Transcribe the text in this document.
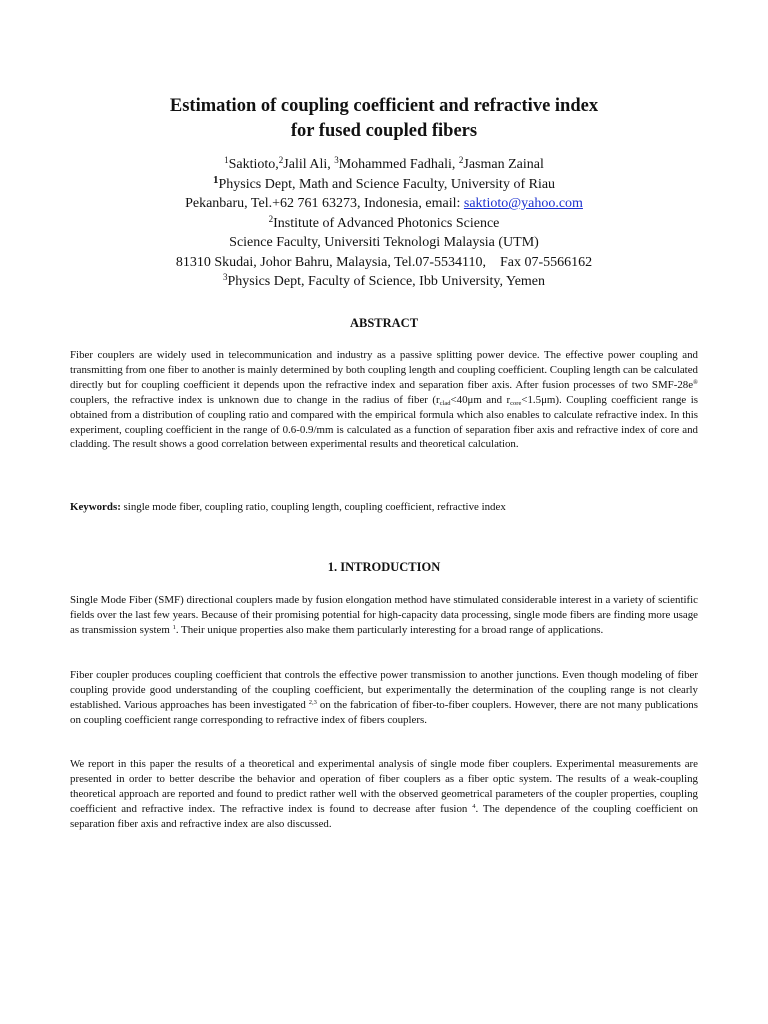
Estimation of coupling coefficient and refractive index
for fused coupled fibers
$^1$Saktioto,$^2$Jalil Ali, $^3$Mohammed Fadhali, $^2$Jasman Zainal
$^1$Physics Dept, Math and Science Faculty, University of Riau
Pekanbaru, Tel.+62 761 63273, Indonesia, email: saktioto@yahoo.com
$^2$Institute of Advanced Photonics Science
Science Faculty, Universiti Teknologi Malaysia (UTM)
81310 Skudai, Johor Bahru, Malaysia, Tel.07-5534110,    Fax 07-5566162
$^3$Physics Dept, Faculty of Science, Ibb University, Yemen
ABSTRACT
Fiber couplers are widely used in telecommunication and industry as a passive splitting power device. The effective power coupling and transmitting from one fiber to another is mainly determined by both coupling length and coupling coefficient. Coupling length can be calculated directly but for coupling coefficient it depends upon the refractive index and separation fiber axis. After fusion processes of two SMF-28e® couplers, the refractive index is unknown due to change in the radius of fiber ($r_{clad}<40\mu m$ and $r_{core}<1.5\mu m$). Coupling coefficient range is obtained from a distribution of coupling ratio and compared with the empirical formula which also enables to calculate refractive index. In this experiment, coupling coefficient in the range of 0.6-0.9/mm is calculated as a function of separation fiber axis and refractive index of core and cladding. The result shows a good correlation between experimental results and theoretical calculation.
Keywords: single mode fiber, coupling ratio, coupling length, coupling coefficient, refractive index
1. INTRODUCTION
Single Mode Fiber (SMF) directional couplers made by fusion elongation method have stimulated considerable interest in a variety of scientific fields over the last few years. Because of their promising potential for high-capacity data processing, single mode fibers are finding more usage as transmission system $^1$. Their unique properties also make them particularly interesting for a broad range of applications.
Fiber coupler produces coupling coefficient that controls the effective power transmission to another junctions. Even though modeling of fiber coupling provide good understanding of the coupling coefficient, but experimentally the determination of the coupling range is not clearly established. Various approaches has been investigated $^{2,3}$ on the fabrication of fiber-to-fiber couplers. However, there are not many publications on coupling coefficient range corresponding to refractive index of fibers couplers.
We report in this paper the results of a theoretical and experimental analysis of single mode fiber couplers. Experimental measurements are presented in order to better describe the behavior and operation of fiber couplers as a fiber optic system. The results of a weak-coupling theoretical approach are reported and found to predict rather well with the observed geometrical parameters of the coupler properties, coupling coefficient and refractive index. The refractive index is found to decrease after fusion $^4$. The dependence of the coupling coefficient on separation fiber axis and refractive index are also discussed.
